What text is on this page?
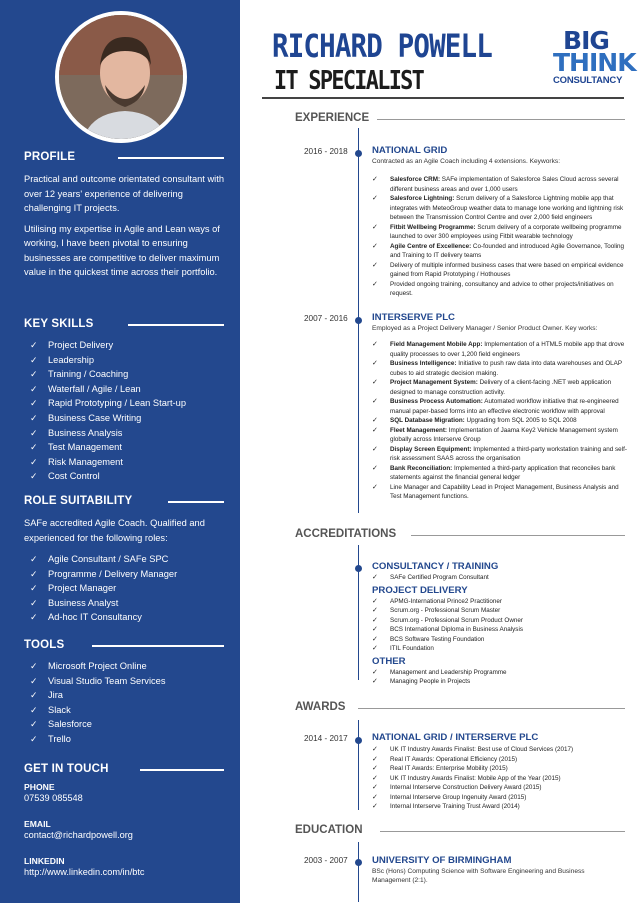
PROFILE

Practical and outcome orientated consultant with over 12 years' experience of delivering challenging IT projects.

Utilising my expertise in Agile and Lean ways of working, I have been pivotal to ensuring businesses are competitive to deliver maximum value in the quickest time across their portfolio.

KEY SKILLS
✓ Project Delivery
✓ Leadership
✓ Training / Coaching
✓ Waterfall / Agile / Lean
✓ Rapid Prototyping / Lean Start-up
✓ Business Case Writing
✓ Business Analysis
✓ Test Management
✓ Risk Management
✓ Cost Control
ROLE SUITABILITY

SAFe accredited Agile Coach. Qualified and experienced for the following roles:

✓ Agile Consultant / SAFe SPC
✓ Programme / Delivery Manager
✓ Project Manager
✓ Business Analyst
✓ Ad-hoc IT Consultancy
TOOLS
✓ Microsoft Project Online
✓ Visual Studio Team Services
✓ Jira
✓ Slack
✓ Salesforce
✓ Trello
GET IN TOUCH
PHONE
07539 085548
EMAIL
contact@richardpowell.org
LINKEDIN
http://www.linkedin.com/in/btc
RICHARD POWELL
IT SPECIALIST
BIG
THINK
CONSULTANCY
EXPERIENCE
2016 - 2018	NATIONAL GRID
Contracted as an Agile Coach including 4 extensions. Keyworks:
✓ Salesforce CRM: SAFe implementation of Salesforce Sales Cloud across several different business areas and over 1,000 users
✓ Salesforce Lightning: Scrum delivery of a Salesforce Lightning mobile app that integrates with MeteoGroup weather data to manage lone working and lightning risk between the Transmission Control Centre and over 2,000 field engineers
✓ Fitbit Wellbeing Programme: Scrum delivery of a corporate wellbeing programme launched to over 300 employees using Fitbit wearable technology
✓ Agile Centre of Excellence: Co-founded and introduced Agile Governance, Tooling and Training to IT delivery teams
✓ Delivery of multiple informed business cases that were based on empirical evidence gained from Rapid Prototyping / Hothouses
✓ Provided ongoing training, consultancy and advice to other projects/initiatives on request.
2007 - 2016	INTERSERVE PLC
Employed as a Project Delivery Manager / Senior Product Owner. Key works:
✓ Field Management Mobile App: Implementation of a HTML5 mobile app that drove quality processes to over 1,200 field engineers
✓ Business Intelligence: Initiative to push raw data into data warehouses and OLAP cubes to aid strategic decision making.
✓ Project Management System: Delivery of a client-facing .NET web application designed to manage construction activity.
✓ Business Process Automation: Automated workflow initiative that re-engineered manual paper-based forms into an effective electronic workflow with approval
✓ SQL Database Migration: Upgrading from SQL 2005 to SQL 2008
✓ Fleet Management: Implementation of Jaama Key2 Vehicle Management system globally across Interserve Group
✓ Display Screen Equipment: Implemented a third-party workstation training and self-risk assessment SAAS across the organisation
✓ Bank Reconciliation: Implemented a third-party application that reconciles bank statements against the financial general ledger
✓ Line Manager and Capability Lead in Project Management, Business Analysis and Test Management functions.
ACCREDITATIONS
CONSULTANCY / TRAINING
✓ SAFe Certified Program Consultant
PROJECT DELIVERY
✓ APMG-International Prince2 Practitioner
✓ Scrum.org - Professional Scrum Master
✓ Scrum.org - Professional Scrum Product Owner
✓ BCS International Diploma in Business Analysis
✓ BCS Software Testing Foundation
✓ ITIL Foundation
OTHER
✓ Management and Leadership Programme
✓ Managing People in Projects
AWARDS
2014 - 2017	NATIONAL GRID / INTERSERVE PLC
✓ UK IT Industry Awards Finalist: Best use of Cloud Services (2017)
✓ Real IT Awards: Operational Efficiency (2015)
✓ Real IT Awards: Enterprise Mobility (2015)
✓ UK IT Industry Awards Finalist: Mobile App of the Year (2015)
✓ Internal Interserve Construction Delivery Award (2015)
✓ Internal Interserve Group Ingenuity Award (2015)
✓ Internal Interserve Training Trust Award (2014)
EDUCATION
2003 - 2007	UNIVERSITY OF BIRMINGHAM
BSc (Hons) Computing Science with Software Engineering and Business Management (2:1).
